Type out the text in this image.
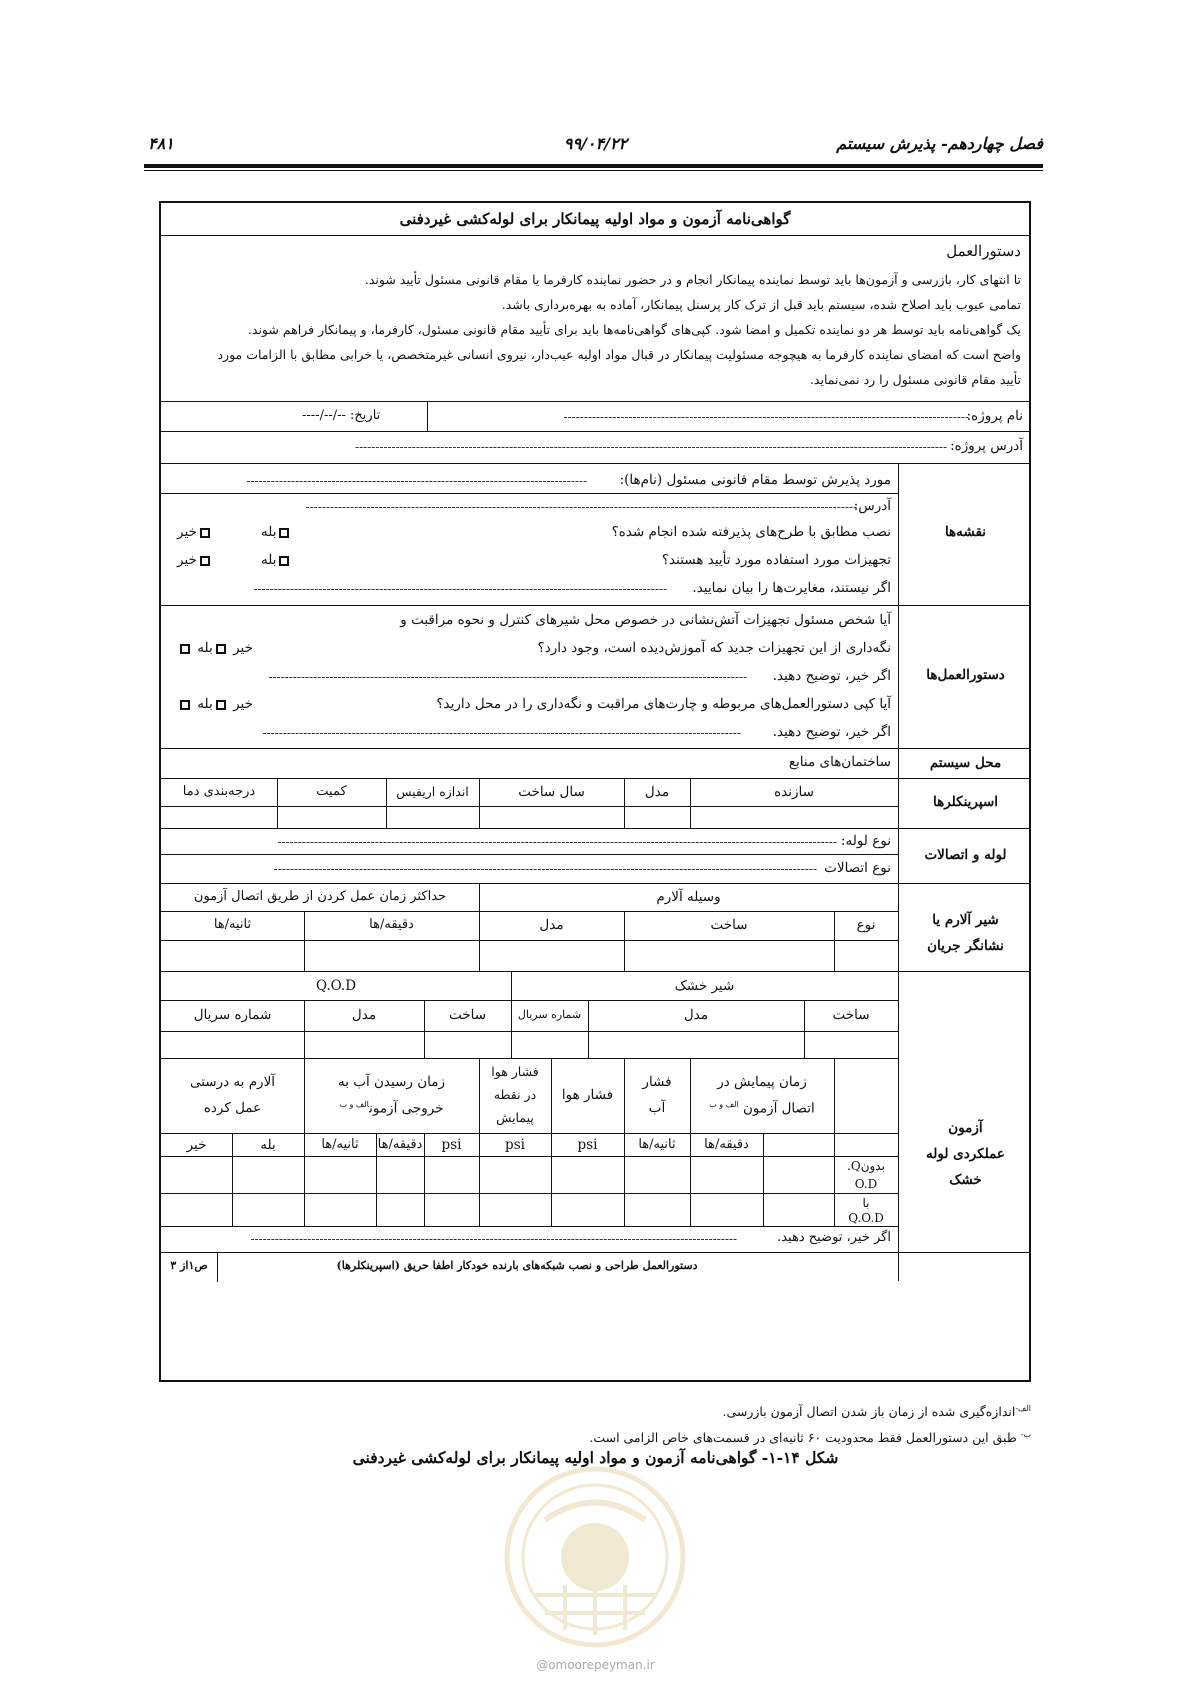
فصل چهاردهم- پذیرش سیستم
۹۹/۰۴/۲۲
۴۸۱
گواهی‌نامه آزمون و مواد اولیه پیمانکار برای لوله‌کشی غیردفنی
دستورالعمل
تا انتهای کار، بازرسی و آزمون‌ها باید توسط نماینده پیمانکار انجام و در حضور نماینده کارفرما یا مقام قانونی مسئول تأیید شوند.
تمامی عیوب باید اصلاح شده، سیستم باید قبل از ترک کار پرسنل پیمانکار، آماده به بهره‌برداری باشد.
یک گواهی‌نامه باید توسط هر دو نماینده تکمیل و امضا شود. کپی‌های گواهی‌نامه‌ها باید برای تأیید مقام قانونی مسئول، کارفرما، و پیمانکار فراهم شوند.
واضح است که امضای نماینده کارفرما به هیچوجه مسئولیت پیمانکار در قبال مواد اولیه عیب‌دار، نیروی انسانی غیرمتخصص، یا خرابی مطابق با الزامات مورد
تأیید مقام قانونی مسئول را رد نمی‌نماید.
نام پروژه:
----------------------------------------------------------------------------------------------------
تاریخ: --/--/----
آدرس پروژه:
--------------------------------------------------------------------------------------------------------------------------------------------------
نقشه‌ها
مورد پذیرش توسط مقام قانونی مسئول (نام‌ها):
------------------------------------------------------------------------------------
آدرس:
----------------------------------------------------------------------------------------------------------------------------------------
نصب مطابق با طرح‌های پذیرفته شده انجام شده؟
بله
خیر
تجهیزات مورد استفاده مورد تأیید هستند؟
بله
خیر
اگر نیستند، مغایرت‌ها را بیان نمایید.
------------------------------------------------------------------------------------------------------
دستورالعمل‌ها
آیا شخص مسئول تجهیزات آتش‌نشانی در خصوص محل شیرهای کنترل و نحوه مراقبت و
نگه‌داری از این تجهیزات جدید که آموزش‌دیده است، وجود دارد؟
خیر بله
اگر خیر، توضیح دهید.
----------------------------------------------------------------------------------------------------------------------
آیا کپی دستورالعمل‌های مربوطه و چارت‌های مراقبت و نگه‌داری را در محل دارید؟
خیر بله
اگر خیر، توضیح دهید.
----------------------------------------------------------------------------------------------------------------------
محل سیستم
ساختمان‌های منابع
اسپرینکلرها
سازنده
مدل
سال ساخت
اندازه اریفیس
کمیت
درجه‌بندی دما
لوله و اتصالات
نوع لوله:
------------------------------------------------------------------------------------------------------------------------------------------
نوع اتصالات
--------------------------------------------------------------------------------------------------------------------------------------
شیر آلارم یا
نشانگر جریان
وسیله آلارم
حداکثر زمان عمل کردن از طریق اتصال آزمون
نوع
ساخت
مدل
دقیقه/ها
ثانیه/ها
آزمون
عملکردی لوله
خشک
شیر خشک
Q.O.D
ساخت
مدل
شماره سریال
ساخت
مدل
شماره سریال
زمان پیمایش در
اتصال آزمون $^{الف و ب}$
فشار
آب
فشار هوا
فشار هوا
در نقطه
پیمایش
زمان رسیدن آب به
خروجی آزمون$^{الف و ب}$
آلارم به درستی
عمل کرده
دقیقه/ها
ثانیه/ها
psi
psi
psi
دقیقه/ها
ثانیه/ها
بله
خیر
بدونQ.
O.D
با
Q.O.D
اگر خیر، توضیح دهید.
------------------------------------------------------------------------------------------------------------------------
ص۱از ۳	دستورالعمل طراحی و نصب شبکه‌های بارنده خودکار اطفا حریق (اسپرینکلرها)
$^{الف-}$اندازه‌گیری شده از زمان باز شدن اتصال آزمون بازرسی.
$^{ب-}$ طبق این دستورالعمل فقط محدودیت ۶۰ ثانیه‌ای در قسمت‌های خاص الزامی است.
شکل ۱۴-۱- گواهی‌نامه آزمون و مواد اولیه پیمانکار برای لوله‌کشی غیردفنی
@omoorepeyman.ir
